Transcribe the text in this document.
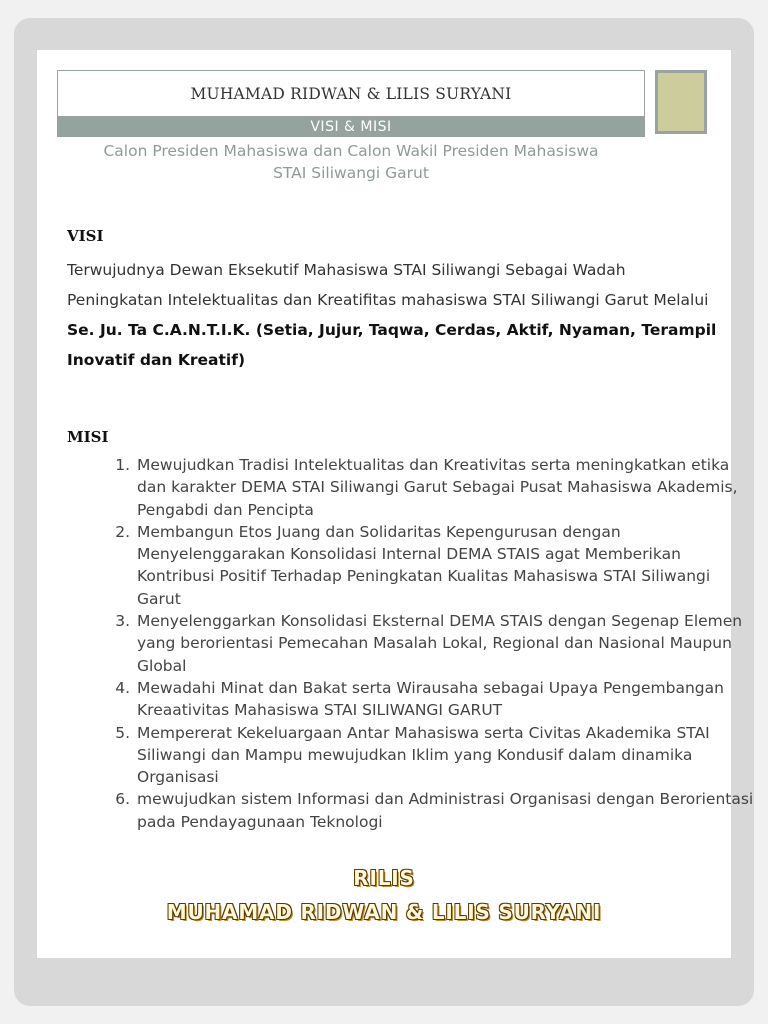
MUHAMAD RIDWAN & LILIS SURYANI
VISI & MISI
Calon Presiden Mahasiswa dan Calon Wakil Presiden Mahasiswa
STAI Siliwangi Garut
VISI
Terwujudnya Dewan Eksekutif Mahasiswa STAI Siliwangi Sebagai Wadah Peningkatan Intelektualitas dan Kreatifitas mahasiswa STAI Siliwangi Garut Melalui Se. Ju. Ta C.A.N.T.I.K. (Setia, Jujur, Taqwa, Cerdas, Aktif, Nyaman, Terampil Inovatif dan Kreatif)
MISI
1. Mewujudkan Tradisi Intelektualitas dan Kreativitas serta meningkatkan etika dan karakter DEMA STAI Siliwangi Garut Sebagai Pusat Mahasiswa Akademis, Pengabdi dan Pencipta
2. Membangun Etos Juang dan Solidaritas Kepengurusan dengan Menyelenggarakan Konsolidasi Internal DEMA STAIS agat Memberikan Kontribusi Positif Terhadap Peningkatan Kualitas Mahasiswa STAI Siliwangi Garut
3. Menyelenggarkan Konsolidasi Eksternal DEMA STAIS dengan Segenap Elemen yang berorientasi Pemecahan Masalah Lokal, Regional dan Nasional Maupun Global
4. Mewadahi Minat dan Bakat serta Wirausaha sebagai Upaya Pengembangan Kreaativitas Mahasiswa STAI SILIWANGI GARUT
5. Mempererat Kekeluargaan Antar Mahasiswa serta Civitas Akademika STAI Siliwangi dan Mampu mewujudkan Iklim yang Kondusif dalam dinamika Organisasi
6. mewujudkan sistem Informasi dan Administrasi Organisasi dengan Berorientasi pada Pendayagunaan Teknologi
RILIS
MUHAMAD RIDWAN & LILIS SURYANI
